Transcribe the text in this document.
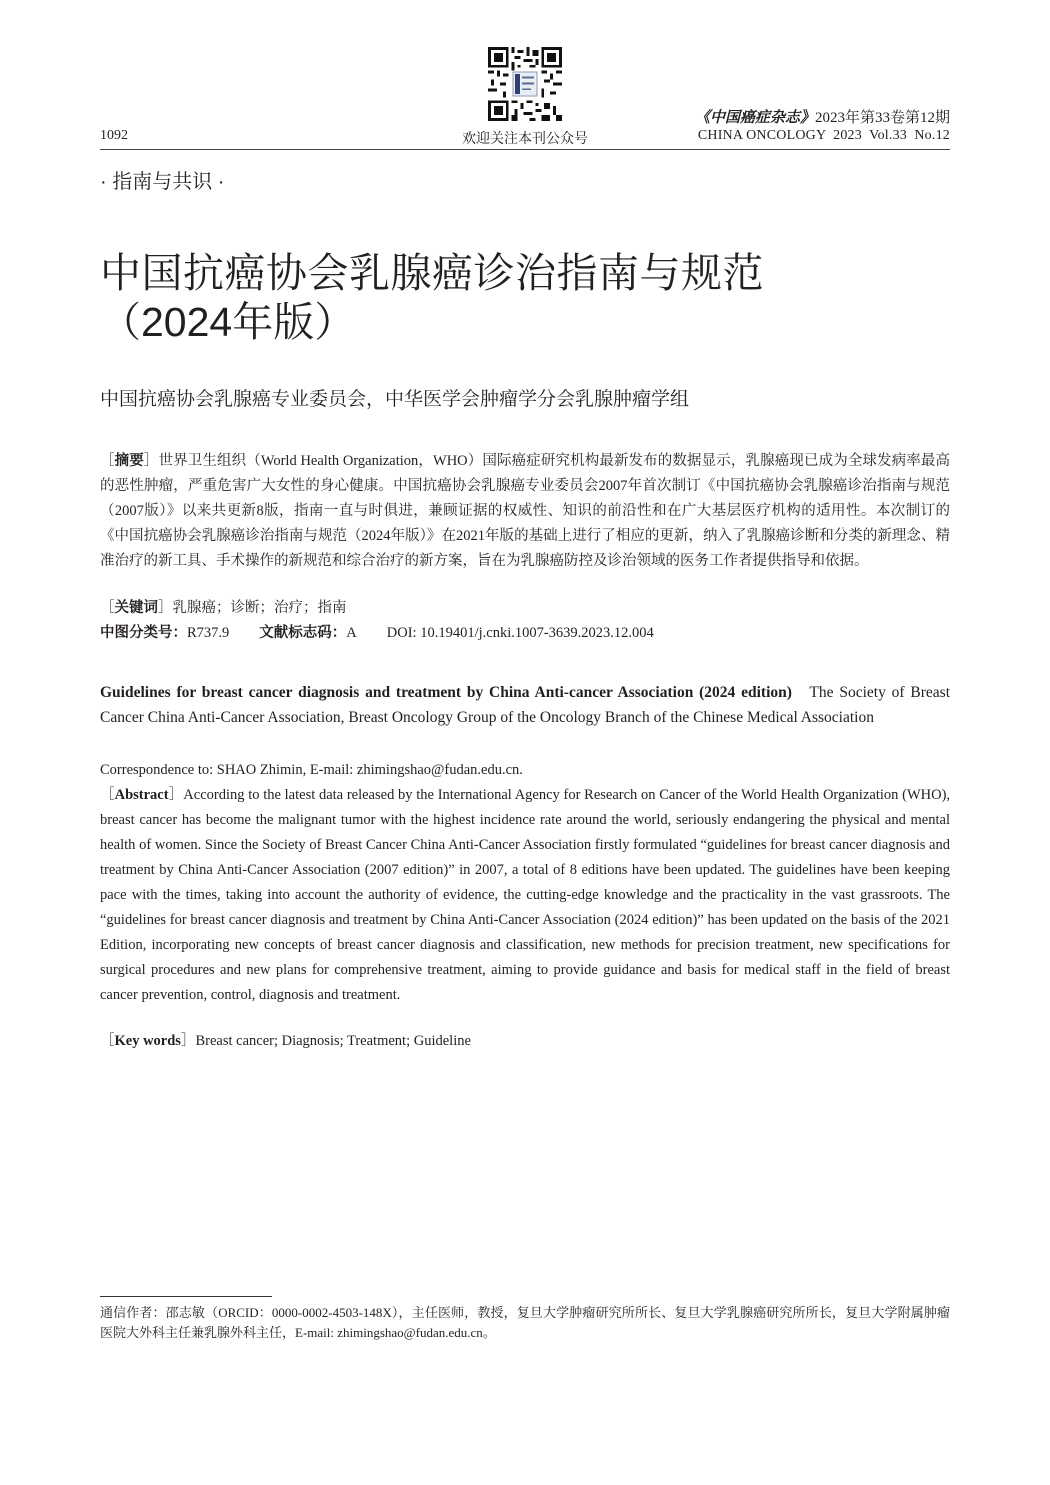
1092	欢迎关注本刊公众号
《中国癌症杂志》2023年第33卷第12期
CHINA ONCOLOGY  2023  Vol.33  No.12
· 指南与共识 ·
中国抗癌协会乳腺癌诊治指南与规范
（2024年版）
中国抗癌协会乳腺癌专业委员会，中华医学会肿瘤学分会乳腺肿瘤学组
［摘要］世界卫生组织（World Health Organization，WHO）国际癌症研究机构最新发布的数据显示，乳腺癌现已成为全球发病率最高的恶性肿瘤，严重危害广大女性的身心健康。中国抗癌协会乳腺癌专业委员会2007年首次制订《中国抗癌协会乳腺癌诊治指南与规范（2007版）》以来共更新8版，指南一直与时俱进，兼顾证据的权威性、知识的前沿性和在广大基层医疗机构的适用性。本次制订的《中国抗癌协会乳腺癌诊治指南与规范（2024年版）》在2021年版的基础上进行了相应的更新，纳入了乳腺癌诊断和分类的新理念、精准治疗的新工具、手术操作的新规范和综合治疗的新方案，旨在为乳腺癌防控及诊治领域的医务工作者提供指导和依据。
［关键词］乳腺癌；诊断；治疗；指南
中图分类号：R737.9 文献标志码：A DOI: 10.19401/j.cnki.1007-3639.2023.12.004
Guidelines for breast cancer diagnosis and treatment by China Anti-cancer Association (2024 edition) The Society of Breast Cancer China Anti-Cancer Association, Breast Oncology Group of the Oncology Branch of the Chinese Medical Association
Correspondence to: SHAO Zhimin, E-mail: zhimingshao@fudan.edu.cn.
［Abstract］According to the latest data released by the International Agency for Research on Cancer of the World Health Organization (WHO), breast cancer has become the malignant tumor with the highest incidence rate around the world, seriously endangering the physical and mental health of women. Since the Society of Breast Cancer China Anti-Cancer Association firstly formulated “guidelines for breast cancer diagnosis and treatment by China Anti-Cancer Association (2007 edition)” in 2007, a total of 8 editions have been updated. The guidelines have been keeping pace with the times, taking into account the authority of evidence, the cutting-edge knowledge and the practicality in the vast grassroots. The “guidelines for breast cancer diagnosis and treatment by China Anti-Cancer Association (2024 edition)” has been updated on the basis of the 2021 Edition, incorporating new concepts of breast cancer diagnosis and classification, new methods for precision treatment, new specifications for surgical procedures and new plans for comprehensive treatment, aiming to provide guidance and basis for medical staff in the field of breast cancer prevention, control, diagnosis and treatment.
［Key words］Breast cancer; Diagnosis; Treatment; Guideline
通信作者：邵志敏（ORCID：0000-0002-4503-148X），主任医师，教授，复旦大学肿瘤研究所所长、复旦大学乳腺癌研究所所长，复旦大学附属肿瘤医院大外科主任兼乳腺外科主任，E-mail: zhimingshao@fudan.edu.cn。
